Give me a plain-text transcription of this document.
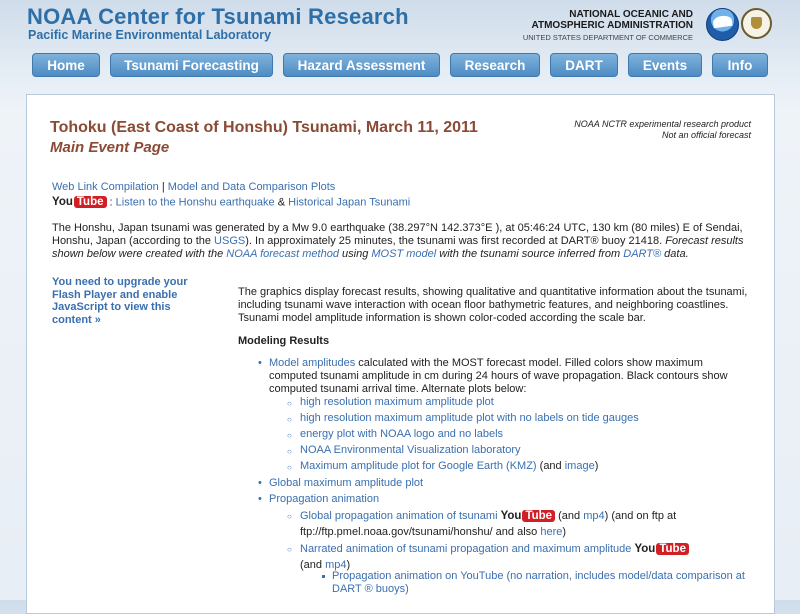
NOAA Center for Tsunami Research
Pacific Marine Environmental Laboratory
NATIONAL OCEANIC AND
ATMOSPHERIC ADMINISTRATION
UNITED STATES DEPARTMENT OF COMMERCE
Home	Tsunami Forecasting	Hazard Assessment	Research	DART	Events	Info
Tohoku (East Coast of Honshu) Tsunami, March 11, 2011
Main Event Page
NOAA NCTR experimental research product
Not an official forecast
Web Link Compilation | Model and Data Comparison Plots
You Tube : Listen to the Honshu earthquake & Historical Japan Tsunami
The Honshu, Japan tsunami was generated by a Mw 9.0 earthquake (38.297°N 142.373°E ), at 05:46:24 UTC, 130 km (80 miles) E of Sendai, Honshu, Japan (according to the USGS). In approximately 25 minutes, the tsunami was first recorded at DART® buoy 21418. Forecast results shown below were created with the NOAA forecast method using MOST model with the tsunami source inferred from DART® data.
You need to upgrade your Flash Player and enable JavaScript to view this content »
The graphics display forecast results, showing qualitative and quantitative information about the tsunami, including tsunami wave interaction with ocean floor bathymetric features, and neighboring coastlines. Tsunami model amplitude information is shown color-coded according the scale bar.
Modeling Results
• Model amplitudes calculated with the MOST forecast model. Filled colors show maximum computed tsunami amplitude in cm during 24 hours of wave propagation. Black contours show computed tsunami arrival time. Alternate plots below:
○ high resolution maximum amplitude plot
○ high resolution maximum amplitude plot with no labels on tide gauges
○ energy plot with NOAA logo and no labels
○ NOAA Environmental Visualization laboratory
○ Maximum amplitude plot for Google Earth (KMZ) (and image)
• Global maximum amplitude plot
• Propagation animation
○ Global propagation animation of tsunami You Tube (and mp4) (and on ftp at
ftp://ftp.pmel.noaa.gov/tsunami/honshu/ and also here)
○ Narrated animation of tsunami propagation and maximum amplitude You Tube
(and mp4)
Propagation animation on YouTube (no narration, includes model/data comparison at DART ® buoys)
